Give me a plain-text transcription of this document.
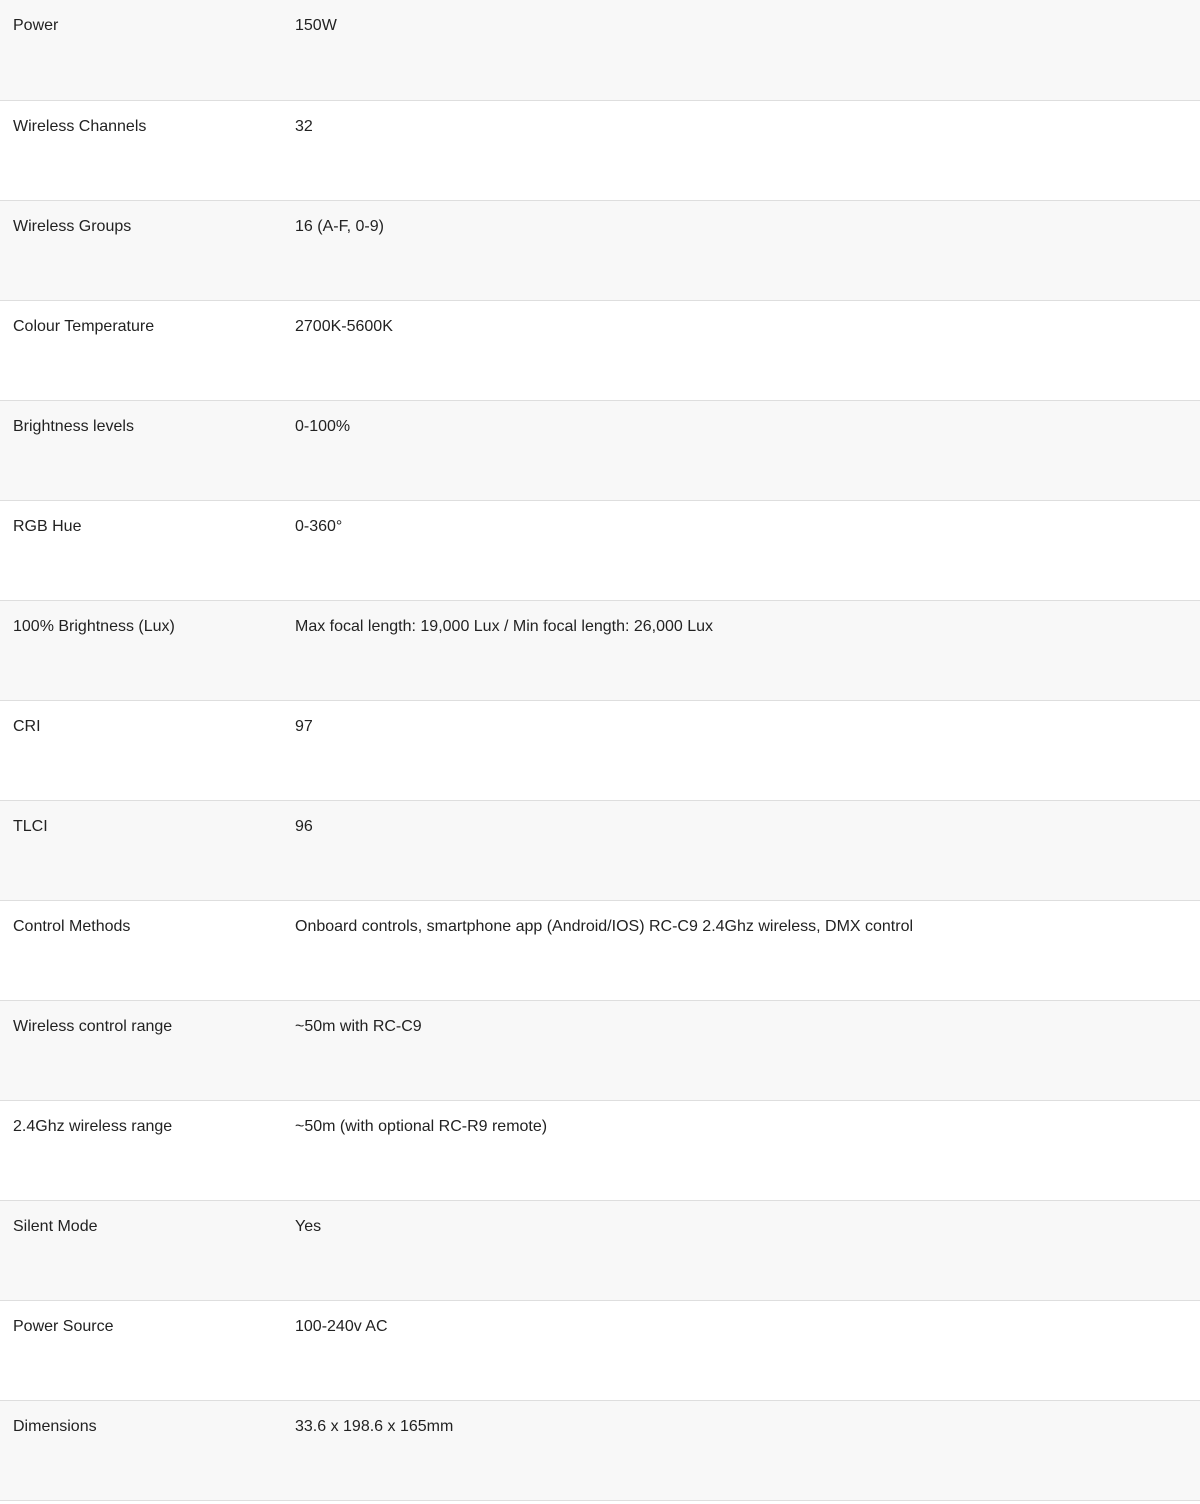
Power	150W
Wireless Channels	32
Wireless Groups	16 (A-F, 0-9)
Colour Temperature	2700K-5600K
Brightness levels	0-100%
RGB Hue	0-360°
100% Brightness (Lux)	Max focal length: 19,000 Lux / Min focal length: 26,000 Lux
CRI	97
TLCI	96
Control Methods	Onboard controls, smartphone app (Android/IOS) RC-C9 2.4Ghz wireless, DMX control
Wireless control range	~50m with RC-C9
2.4Ghz wireless range	~50m (with optional RC-R9 remote)
Silent Mode	Yes
Power Source	100-240v AC
Dimensions	33.6 x 198.6 x 165mm
